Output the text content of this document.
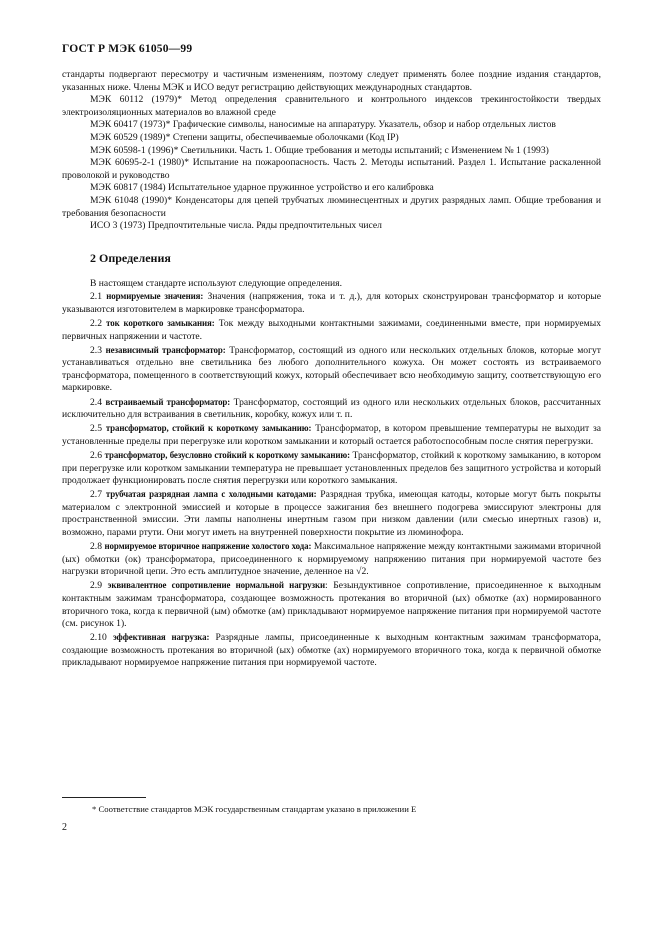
ГОСТ Р МЭК 61050—99

стандарты подвергают пересмотру и частичным изменениям, поэтому следует применять более поздние издания стандартов, указанных ниже. Члены МЭК и ИСО ведут регистрацию действующих международных стандартов.

МЭК 60112 (1979)* Метод определения сравнительного и контрольного индексов трекингостойкости твердых электроизоляционных материалов во влажной среде

МЭК 60417 (1973)* Графические символы, наносимые на аппаратуру. Указатель, обзор и набор отдельных листов

МЭК 60529 (1989)* Степени защиты, обеспечиваемые оболочками (Код IP)

МЭК 60598-1 (1996)* Светильники. Часть 1. Общие требования и методы испытаний; с Изменением № 1 (1993)

МЭК 60695-2-1 (1980)* Испытание на пожароопасность. Часть 2. Методы испытаний. Раздел 1. Испытание раскаленной проволокой и руководство

МЭК 60817 (1984) Испытательное ударное пружинное устройство и его калибровка

МЭК 61048 (1990)* Конденсаторы для цепей трубчатых люминесцентных и других разрядных ламп. Общие требования и требования безопасности

ИСО 3 (1973) Предпочтительные числа. Ряды предпочтительных чисел

2 Определения

В настоящем стандарте используют следующие определения.

2.1 нормируемые значения: Значения (напряжения, тока и т. д.), для которых сконструирован трансформатор и которые указываются изготовителем в маркировке трансформатора.

2.2 ток короткого замыкания: Ток между выходными контактными зажимами, соединенными вместе, при нормируемых первичных напряжении и частоте.

2.3 независимый трансформатор: Трансформатор, состоящий из одного или нескольких отдельных блоков, которые могут устанавливаться отдельно вне светильника без любого дополнительного кожуха. Он может состоять из встраиваемого трансформатора, помещенного в соответствующий кожух, который обеспечивает всю необходимую защиту, соответствующую его маркировке.

2.4 встраиваемый трансформатор: Трансформатор, состоящий из одного или нескольких отдельных блоков, рассчитанных исключительно для встраивания в светильник, коробку, кожух или т. п.

2.5 трансформатор, стойкий к короткому замыканию: Трансформатор, в котором превышение температуры не выходит за установленные пределы при перегрузке или коротком замыкании и который остается работоспособным после снятия перегрузки.

2.6 трансформатор, безусловно стойкий к короткому замыканию: Трансформатор, стойкий к короткому замыканию, в котором при перегрузке или коротком замыкании температура не превышает установленных пределов без защитного устройства и который продолжает функционировать после снятия перегрузки или короткого замыкания.

2.7 трубчатая разрядная лампа с холодными катодами: Разрядная трубка, имеющая катоды, которые могут быть покрыты материалом с электронной эмиссией и которые в процессе зажигания без внешнего подогрева эмиссируют электроны для пространственной эмиссии. Эти лампы наполнены инертным газом при низком давлении (или смесью инертных газов) и, возможно, парами ртути. Они могут иметь на внутренней поверхности покрытие из люминофора.

2.8 нормируемое вторичное напряжение холостого хода: Максимальное напряжение между контактными зажимами вторичной (ых) обмотки (ок) трансформатора, присоединенного к нормируемому напряжению питания при нормируемой частоте без нагрузки вторичной цепи. Это есть амплитудное значение, деленное на √2.

2.9 эквивалентное сопротивление нормальной нагрузки: Безындуктивное сопротивление, присоединенное к выходным контактным зажимам трансформатора, создающее возможность протекания во вторичной (ых) обмотке (ах) нормированного вторичного тока, когда к первичной (ым) обмотке (ам) прикладывают нормируемое напряжение питания при нормируемой частоте (см. рисунок 1).

2.10 эффективная нагрузка: Разрядные лампы, присоединенные к выходным контактным зажимам трансформатора, создающие возможность протекания во вторичной (ых) обмотке (ах) нормируемого вторичного тока, когда к первичной обмотке прикладывают нормируемое напряжение питания при нормируемой частоте.

* Соответствие стандартов МЭК государственным стандартам указано в приложении Е
2
